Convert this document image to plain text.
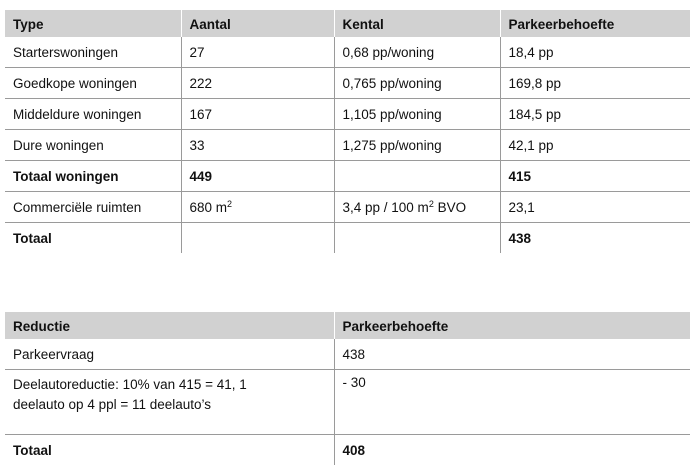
Type	Aantal	Kental	Parkeerbehoefte
Starterswoningen	27	0,68 pp/woning	18,4 pp
Goedkope woningen	222	0,765 pp/woning	169,8 pp
Middeldure woningen	167	1,105 pp/woning	184,5 pp
Dure woningen	33	1,275 pp/woning	42,1 pp
Totaal woningen	449		415
Commerciële ruimten	680 $m^2$	3,4 pp / 100 $m^2$ BVO	23,1
Totaal			438
Reductie	Parkeerbehoefte
Parkeervraag	438
Deelautoreductie: 10% van 415 = 41, 1 deelauto op 4 ppl = 11 deelauto’s	- 30
Totaal	408
